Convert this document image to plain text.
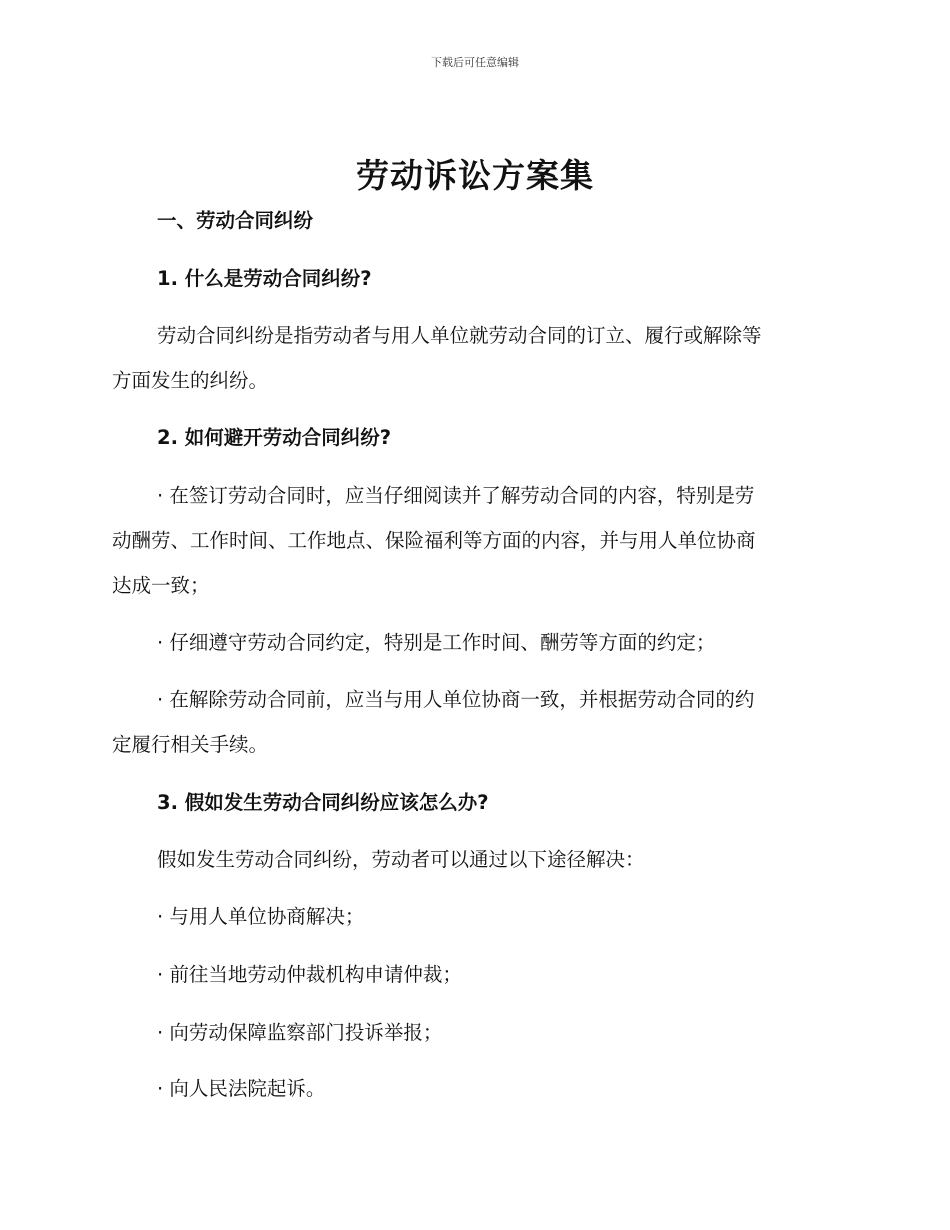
下载后可任意编辑
劳动诉讼方案集
一、劳动合同纠纷
1. 什么是劳动合同纠纷?
劳动合同纠纷是指劳动者与用人单位就劳动合同的订立、履行或解除等
方面发生的纠纷。
2. 如何避开劳动合同纠纷?
· 在签订劳动合同时，应当仔细阅读并了解劳动合同的内容，特别是劳
动酬劳、工作时间、工作地点、保险福利等方面的内容，并与用人单位协商
达成一致；
· 仔细遵守劳动合同约定，特别是工作时间、酬劳等方面的约定；
· 在解除劳动合同前，应当与用人单位协商一致，并根据劳动合同的约
定履行相关手续。
3. 假如发生劳动合同纠纷应该怎么办?
假如发生劳动合同纠纷，劳动者可以通过以下途径解决：
· 与用人单位协商解决；
· 前往当地劳动仲裁机构申请仲裁；
· 向劳动保障监察部门投诉举报；
· 向人民法院起诉。
